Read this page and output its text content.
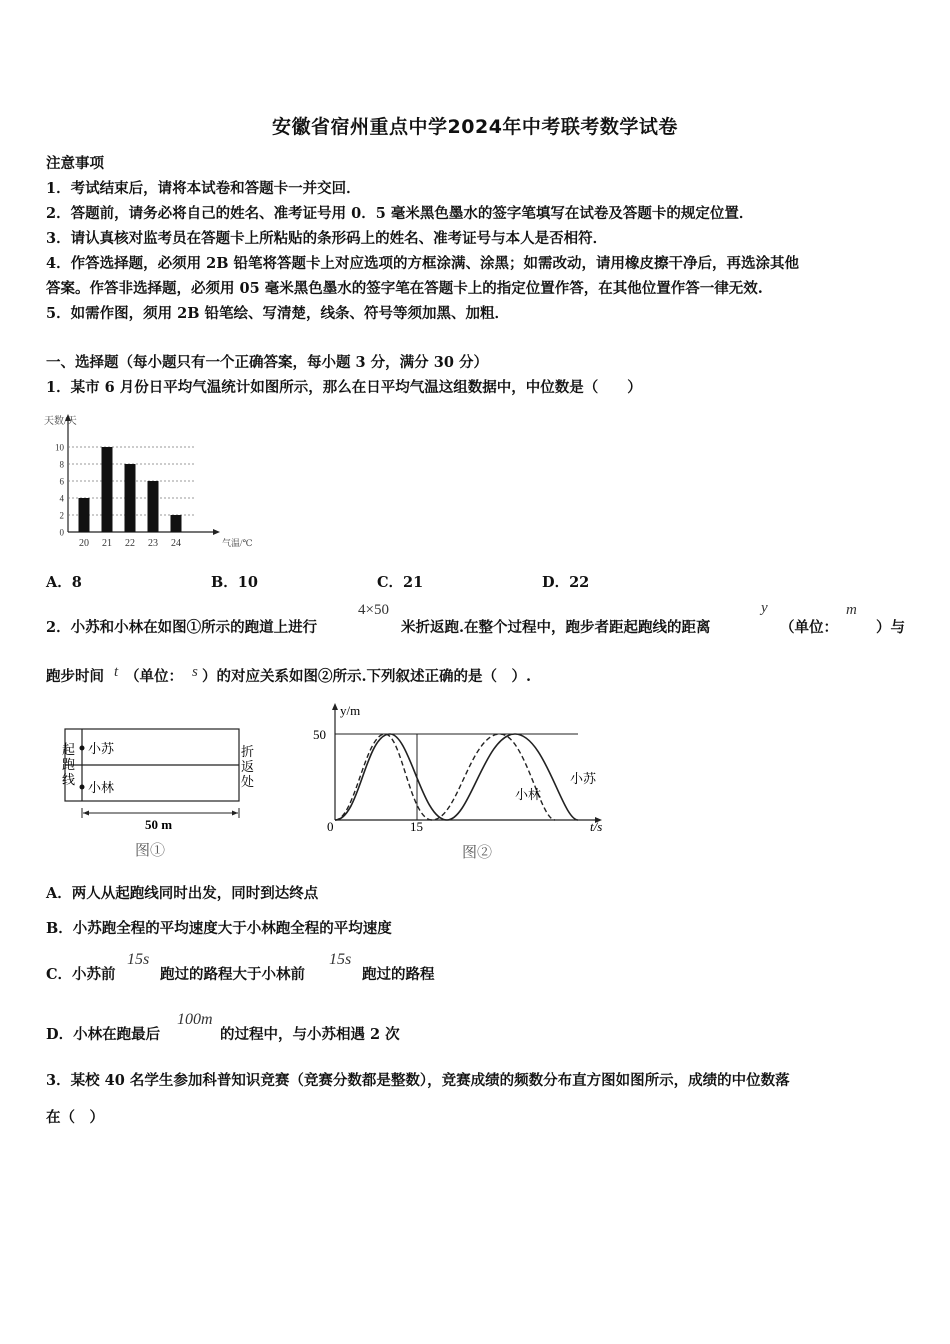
安徽省宿州重点中学2024年中考联考数学试卷
注意事项
1．考试结束后，请将本试卷和答题卡一并交回．
2．答题前，请务必将自己的姓名、准考证号用 0．5 毫米黑色墨水的签字笔填写在试卷及答题卡的规定位置．
3．请认真核对监考员在答题卡上所粘贴的条形码上的姓名、准考证号与本人是否相符．
4．作答选择题，必须用 2B 铅笔将答题卡上对应选项的方框涂满、涂黑；如需改动，请用橡皮擦干净后，再选涂其他
答案。作答非选择题，必须用 05 毫米黑色墨水的签字笔在答题卡上的指定位置作答，在其他位置作答一律无效.
5．如需作图，须用 2B 铅笔绘、写清楚，线条、符号等须加黑、加粗．
一、选择题（每小题只有一个正确答案，每小题 3 分，满分 30 分）
1．某市 6 月份日平均气温统计如图所示，那么在日平均气温这组数据中，中位数是（　　）
0
2
4
6
8
10
天数/天
20 21 22 23 24	气温/℃
A．8	B．10	C．21	D．22
2．小苏和小林在如图①所示的跑道上进行
4×50
米折返跑.在整个过程中，跑步者距起跑线的距离
y
（单位：
m
）与
跑步时间 t （单位： s ）的对应关系如图②所示.下列叙述正确的是（　）.
起
跑
线
折
返
处
小苏
小林
50 m
图①
y/m
50
0	15	t/s
小苏
小林
图②
A．两人从起跑线同时出发，同时到达终点
B．小苏跑全程的平均速度大于小林跑全程的平均速度
C．小苏前
15s
跑过的路程大于小林前
15s
跑过的路程
D．小林在跑最后
100m
的过程中，与小苏相遇 2 次
3．某校 40 名学生参加科普知识竞赛（竞赛分数都是整数），竞赛成绩的频数分布直方图如图所示，成绩的中位数落
在（　）
